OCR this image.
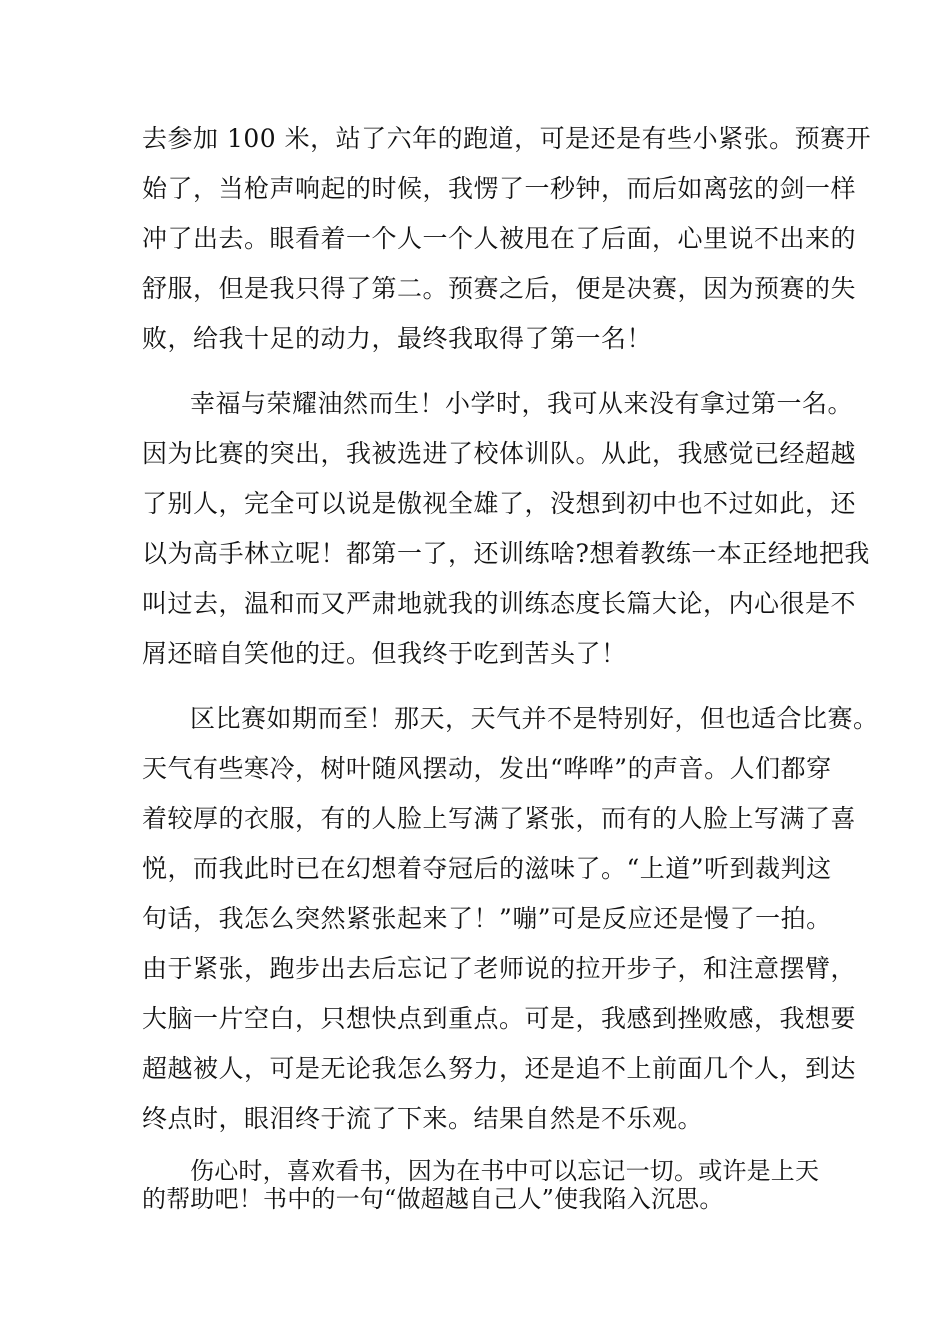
去参加 100 米，站了六年的跑道，可是还是有些小紧张。预赛开
始了，当枪声响起的时候，我愣了一秒钟，而后如离弦的剑一样
冲了出去。眼看着一个人一个人被甩在了后面，心里说不出来的
舒服，但是我只得了第二。预赛之后，便是决赛，因为预赛的失
败，给我十足的动力，最终我取得了第一名！
幸福与荣耀油然而生！小学时，我可从来没有拿过第一名。
因为比赛的突出，我被选进了校体训队。从此，我感觉已经超越
了别人，完全可以说是傲视全雄了，没想到初中也不过如此，还
以为高手林立呢！都第一了，还训练啥?想着教练一本正经地把我
叫过去，温和而又严肃地就我的训练态度长篇大论，内心很是不
屑还暗自笑他的迂。但我终于吃到苦头了！
区比赛如期而至！那天，天气并不是特别好，但也适合比赛。
天气有些寒冷，树叶随风摆动，发出“哗哗”的声音。人们都穿
着较厚的衣服，有的人脸上写满了紧张，而有的人脸上写满了喜
悦，而我此时已在幻想着夺冠后的滋味了。“上道”听到裁判这
句话，我怎么突然紧张起来了！”嘣”可是反应还是慢了一拍。
由于紧张，跑步出去后忘记了老师说的拉开步子，和注意摆臂，
大脑一片空白，只想快点到重点。可是，我感到挫败感，我想要
超越被人，可是无论我怎么努力，还是追不上前面几个人，到达
终点时，眼泪终于流了下来。结果自然是不乐观。
伤心时，喜欢看书，因为在书中可以忘记一切。或许是上天
的帮助吧！书中的一句“做超越自己人”使我陷入沉思。
